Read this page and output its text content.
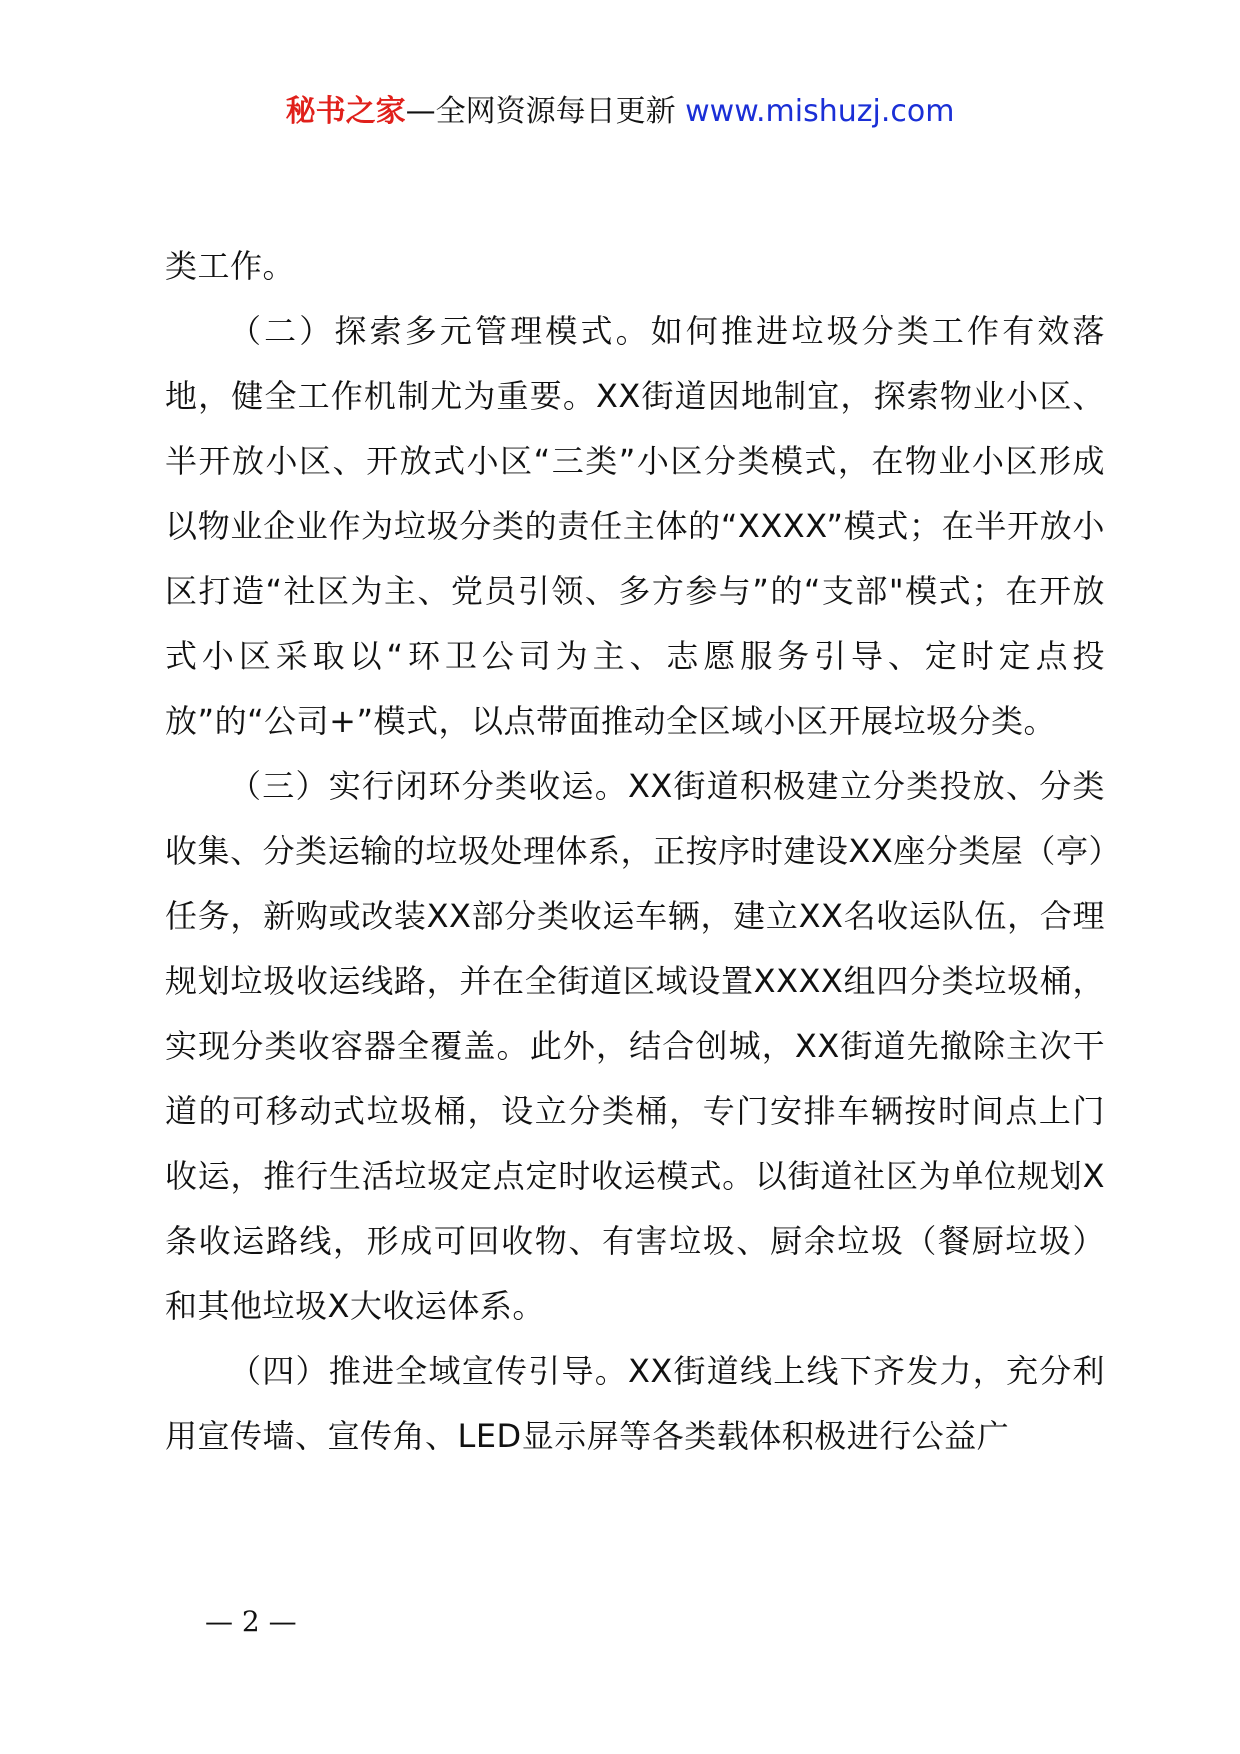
秘书之家—全网资源每日更新 www.mishuzj.com

类工作。

（二）探索多元管理模式。如何推进垃圾分类工作有效落地，健全工作机制尤为重要。XX街道因地制宜，探索物业小区、半开放小区、开放式小区“三类”小区分类模式，在物业小区形成以物业企业作为垃圾分类的责任主体的“XXXX”模式；在半开放小区打造“社区为主、党员引领、多方参与”的“支部"模式；在开放式小区采取以“环卫公司为主、志愿服务引导、定时定点投放”的“公司+”模式，以点带面推动全区域小区开展垃圾分类。

（三）实行闭环分类收运。XX街道积极建立分类投放、分类收集、分类运输的垃圾处理体系，正按序时建设XX座分类屋（亭）任务，新购或改装XX部分类收运车辆，建立XX名收运队伍，合理规划垃圾收运线路，并在全街道区域设置XXXX组四分类垃圾桶，实现分类收容器全覆盖。此外，结合创城，XX街道先撤除主次干道的可移动式垃圾桶，设立分类桶，专门安排车辆按时间点上门收运，推行生活垃圾定点定时收运模式。以街道社区为单位规划X条收运路线，形成可回收物、有害垃圾、厨余垃圾（餐厨垃圾）和其他垃圾X大收运体系。

（四）推进全域宣传引导。XX街道线上线下齐发力，充分利用宣传墙、宣传角、LED显示屏等各类载体积极进行公益广

— 2 —
